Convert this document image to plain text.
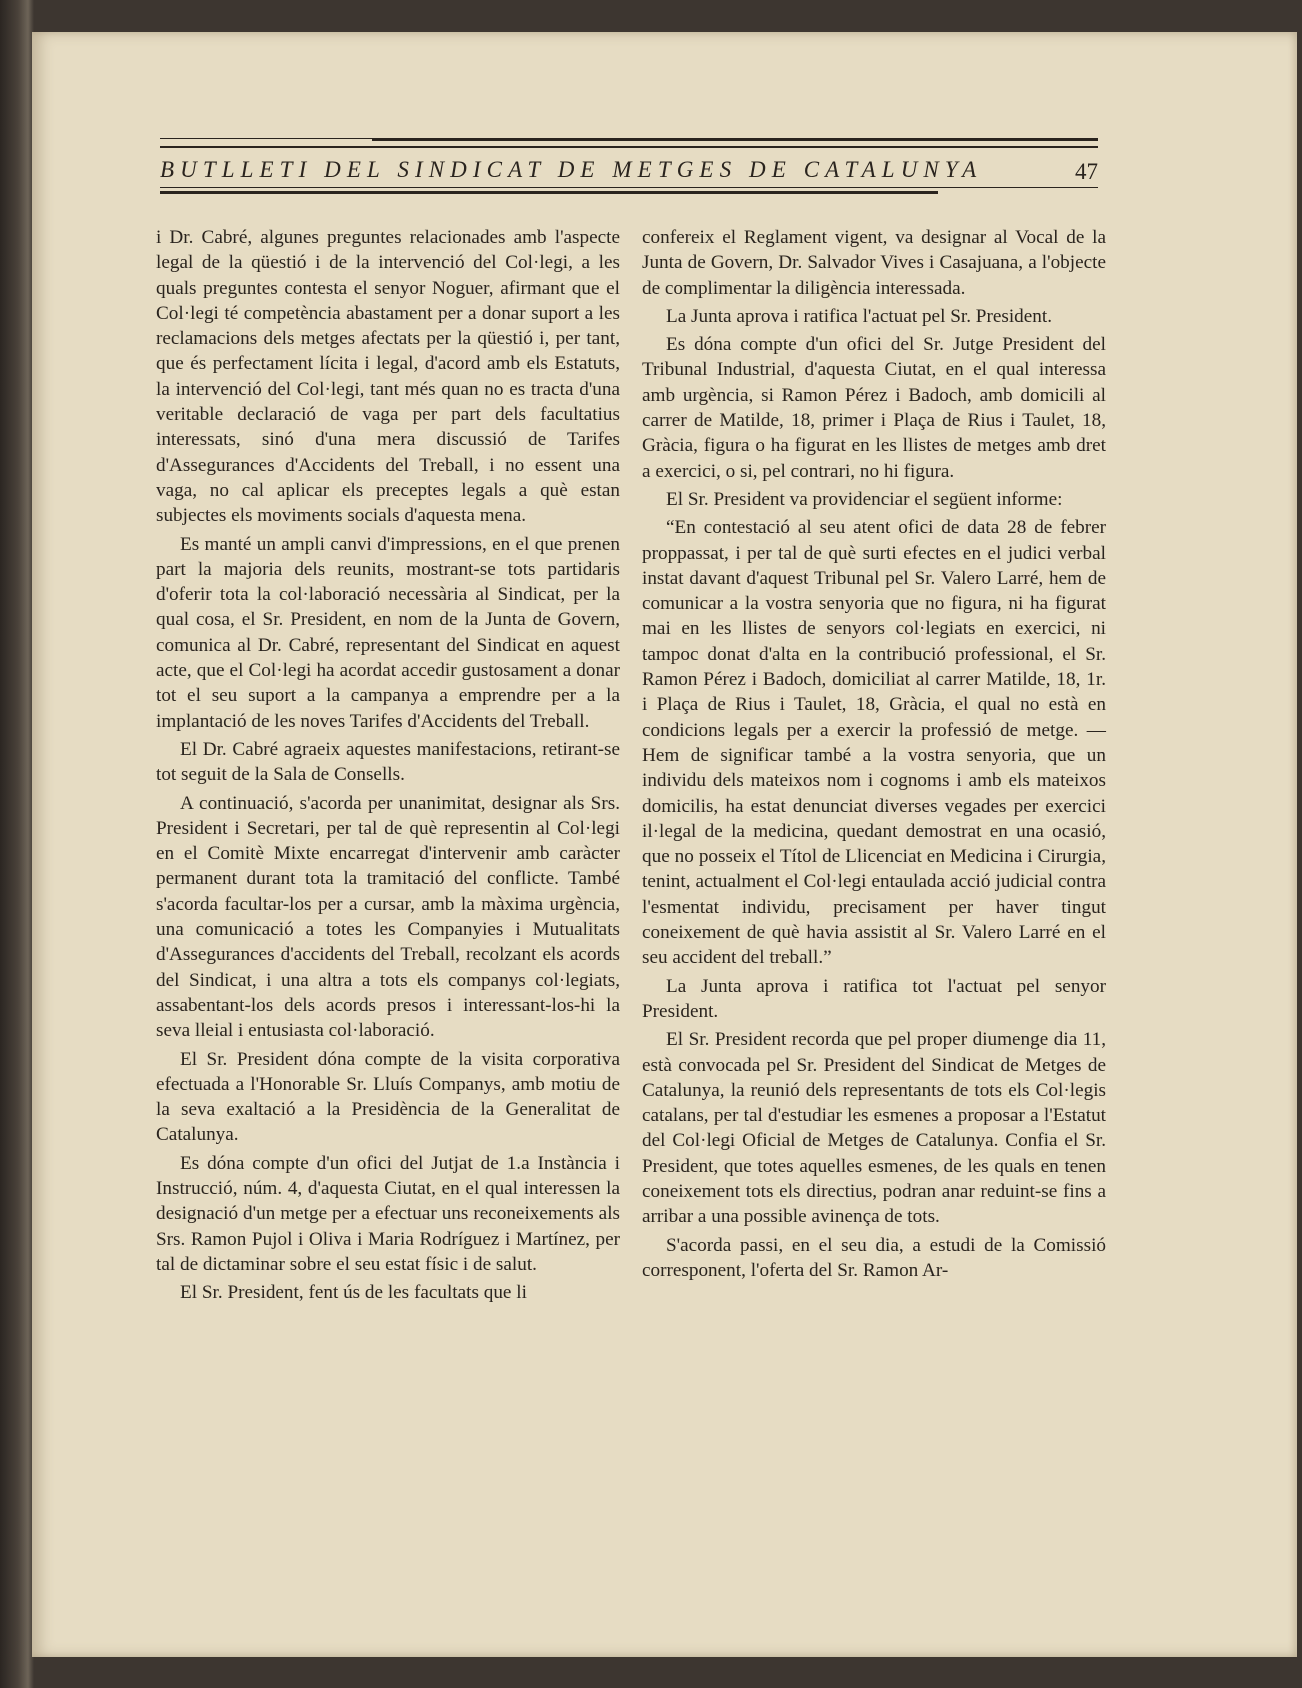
BUTLLETI DEL SINDICAT DE METGES DE CATALUNYA	47

i Dr. Cabré, algunes preguntes relacionades amb l'aspecte legal de la qüestió i de la intervenció del Col·legi, a les quals preguntes contesta el senyor Noguer, afirmant que el Col·legi té competència abastament per a donar suport a les reclamacions dels metges afectats per la qüestió i, per tant, que és perfectament lícita i legal, d'acord amb els Estatuts, la intervenció del Col·legi, tant més quan no es tracta d'una veritable declaració de vaga per part dels facultatius interessats, sinó d'una mera discussió de Tarifes d'Assegurances d'Accidents del Treball, i no essent una vaga, no cal aplicar els preceptes legals a què estan subjectes els moviments socials d'aquesta mena.

Es manté un ampli canvi d'impressions, en el que prenen part la majoria dels reunits, mostrant-se tots partidaris d'oferir tota la col·laboració necessària al Sindicat, per la qual cosa, el Sr. President, en nom de la Junta de Govern, comunica al Dr. Cabré, representant del Sindicat en aquest acte, que el Col·legi ha acordat accedir gustosament a donar tot el seu suport a la campanya a emprendre per a la implantació de les noves Tarifes d'Accidents del Treball.

El Dr. Cabré agraeix aquestes manifestacions, retirant-se tot seguit de la Sala de Consells.

A continuació, s'acorda per unanimitat, designar als Srs. President i Secretari, per tal de què representin al Col·legi en el Comitè Mixte encarregat d'intervenir amb caràcter permanent durant tota la tramitació del conflicte. També s'acorda facultar-los per a cursar, amb la màxima urgència, una comunicació a totes les Companyies i Mutualitats d'Assegurances d'accidents del Treball, recolzant els acords del Sindicat, i una altra a tots els companys col·legiats, assabentant-los dels acords presos i interessant-los-hi la seva lleial i entusiasta col·laboració.

El Sr. President dóna compte de la visita corporativa efectuada a l'Honorable Sr. Lluís Companys, amb motiu de la seva exaltació a la Presidència de la Generalitat de Catalunya.

Es dóna compte d'un ofici del Jutjat de 1.a Instància i Instrucció, núm. 4, d'aquesta Ciutat, en el qual interessen la designació d'un metge per a efectuar uns reconeixements als Srs. Ramon Pujol i Oliva i Maria Rodríguez i Martínez, per tal de dictaminar sobre el seu estat físic i de salut.

El Sr. President, fent ús de les facultats que li

confereix el Reglament vigent, va designar al Vocal de la Junta de Govern, Dr. Salvador Vives i Casajuana, a l'objecte de complimentar la diligència interessada.

La Junta aprova i ratifica l'actuat pel Sr. President.

Es dóna compte d'un ofici del Sr. Jutge President del Tribunal Industrial, d'aquesta Ciutat, en el qual interessa amb urgència, si Ramon Pérez i Badoch, amb domicili al carrer de Matilde, 18, primer i Plaça de Rius i Taulet, 18, Gràcia, figura o ha figurat en les llistes de metges amb dret a exercici, o si, pel contrari, no hi figura.

El Sr. President va providenciar el següent informe:

“En contestació al seu atent ofici de data 28 de febrer proppassat, i per tal de què surti efectes en el judici verbal instat davant d'aquest Tribunal pel Sr. Valero Larré, hem de comunicar a la vostra senyoria que no figura, ni ha figurat mai en les llistes de senyors col·legiats en exercici, ni tampoc donat d'alta en la contribució professional, el Sr. Ramon Pérez i Badoch, domiciliat al carrer Matilde, 18, 1r. i Plaça de Rius i Taulet, 18, Gràcia, el qual no està en condicions legals per a exercir la professió de metge. — Hem de significar també a la vostra senyoria, que un individu dels mateixos nom i cognoms i amb els mateixos domicilis, ha estat denunciat diverses vegades per exercici il·legal de la medicina, quedant demostrat en una ocasió, que no posseix el Títol de Llicenciat en Medicina i Cirurgia, tenint, actualment el Col·legi entaulada acció judicial contra l'esmentat individu, precisament per haver tingut coneixement de què havia assistit al Sr. Valero Larré en el seu accident del treball.”

La Junta aprova i ratifica tot l'actuat pel senyor President.

El Sr. President recorda que pel proper diumenge dia 11, està convocada pel Sr. President del Sindicat de Metges de Catalunya, la reunió dels representants de tots els Col·legis catalans, per tal d'estudiar les esmenes a proposar a l'Estatut del Col·legi Oficial de Metges de Catalunya. Confia el Sr. President, que totes aquelles esmenes, de les quals en tenen coneixement tots els directius, podran anar reduint-se fins a arribar a una possible avinença de tots.

S'acorda passi, en el seu dia, a estudi de la Comissió corresponent, l'oferta del Sr. Ramon Ar-
